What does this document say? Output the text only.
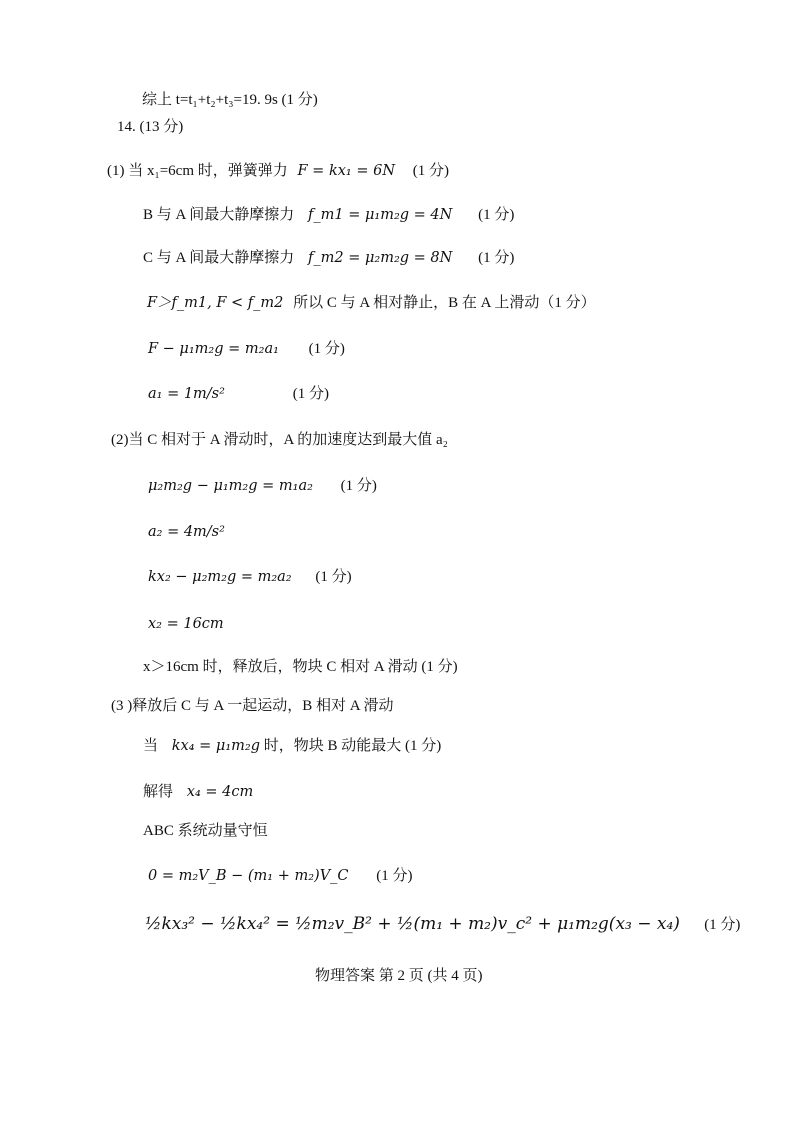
综上 t=t₁+t₂+t₃=19. 9s (1 分)
14. (13 分)
(1) 当 x₁=6cm 时，弹簧弹力 F = kx₁ = 6N (1 分)
B 与 A 间最大静摩擦力 f_m1 = μ₁m₂g = 4N (1 分)
C 与 A 间最大静摩擦力 f_m2 = μ₂m₂g = 8N (1 分)
F＞f_m1, F < f_m2 所以 C 与 A 相对静止，B 在 A 上滑动（1 分）
F − μ₁m₂g = m₂a₁ (1 分)
a₁ = 1m/s²	(1 分)
(2)当 C 相对于 A 滑动时，A 的加速度达到最大值 a₂
μ₂m₂g − μ₁m₂g = m₁a₂ (1 分)
a₂ = 4m/s²
kx₂ − μ₂m₂g = m₂a₂ (1 分)
x₂ = 16cm
x＞16cm 时，释放后，物块 C 相对 A 滑动 (1 分)
(3 )释放后 C 与 A 一起运动，B 相对 A 滑动
当 kx₄ = μ₁m₂g 时，物块 B 动能最大 (1 分)
解得 x₄ = 4cm
ABC 系统动量守恒
0 = m₂V_B − (m₁ + m₂)V_C (1 分)
½kx₃² − ½kx₄² = ½m₂v_B² + ½(m₁ + m₂)v_c² + μ₁m₂g(x₃ − x₄) (1 分)
物理答案 第 2 页 (共 4 页)
